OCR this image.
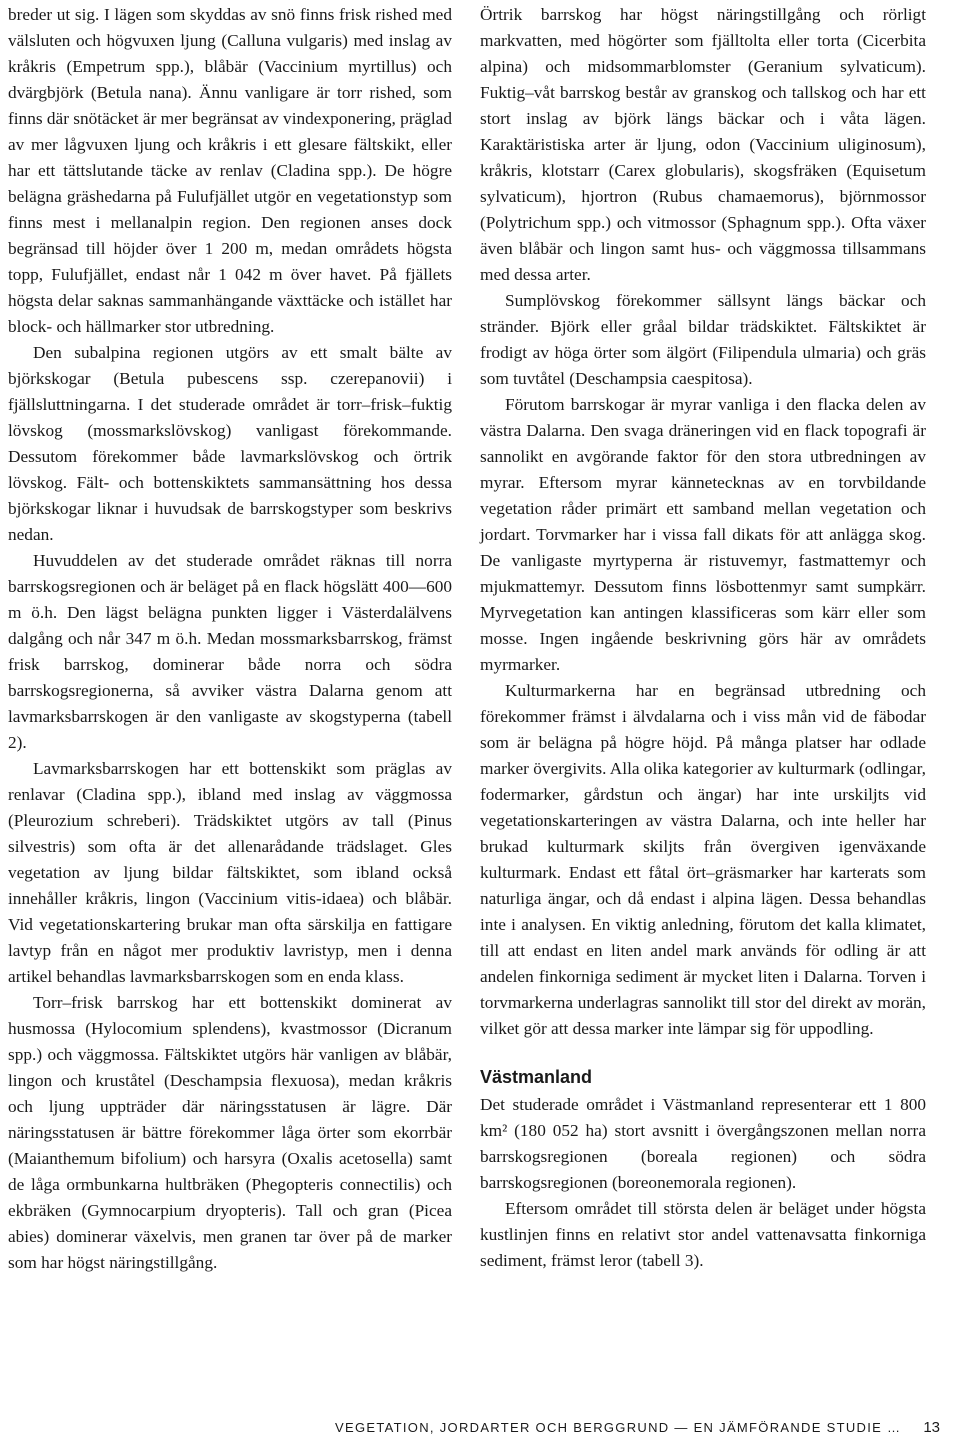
breder ut sig. I lägen som skyddas av snö finns frisk rished med välsluten och högvuxen ljung (Calluna vulgaris) med inslag av kråkris (Empetrum spp.), blåbär (Vaccinium myrtillus) och dvärgbjörk (Betula nana). Ännu vanligare är torr rished, som finns där snötäcket är mer begränsat av vindexponering, präglad av mer lågvuxen ljung och kråkris i ett glesare fältskikt, eller har ett tättslutande täcke av renlav (Cladina spp.). De högre belägna gräshedarna på Fulufjället utgör en vegetationstyp som finns mest i mellanalpin region. Den regionen anses dock begränsad till höjder över 1 200 m, medan områdets högsta topp, Fulufjället, endast når 1 042 m över havet. På fjällets högsta delar saknas sammanhängande växttäcke och istället har block- och hällmarker stor utbredning.

Den subalpina regionen utgörs av ett smalt bälte av björkskogar (Betula pubescens ssp. czerepanovii) i fjällsluttningarna. I det studerade området är torr–frisk–fuktig lövskog (mossmarkslövskog) vanligast förekommande. Dessutom förekommer både lavmarkslövskog och örtrik lövskog. Fält- och bottenskiktets sammansättning hos dessa björkskogar liknar i huvudsak de barrskogstyper som beskrivs nedan.

Huvuddelen av det studerade området räknas till norra barrskogsregionen och är beläget på en flack högslätt 400—600 m ö.h. Den lägst belägna punkten ligger i Västerdalälvens dalgång och når 347 m ö.h. Medan mossmarksbarrskog, främst frisk barrskog, dominerar både norra och södra barrskogsregionerna, så avviker västra Dalarna genom att lavmarksbarrskogen är den vanligaste av skogstyperna (tabell 2).

Lavmarksbarrskogen har ett bottenskikt som präglas av renlavar (Cladina spp.), ibland med inslag av väggmossa (Pleurozium schreberi). Trädskiktet utgörs av tall (Pinus silvestris) som ofta är det allenarådande trädslaget. Gles vegetation av ljung bildar fältskiktet, som ibland också innehåller kråkris, lingon (Vaccinium vitis-idaea) och blåbär. Vid vegetationskartering brukar man ofta särskilja en fattigare lavtyp från en något mer produktiv lavristyp, men i denna artikel behandlas lavmarksbarrskogen som en enda klass.

Torr–frisk barrskog har ett bottenskikt dominerat av husmossa (Hylocomium splendens), kvastmossor (Dicranum spp.) och väggmossa. Fältskiktet utgörs här vanligen av blåbär, lingon och kruståtel (Deschampsia flexuosa), medan kråkris och ljung uppträder där näringsstatusen är lägre. Där näringsstatusen är bättre förekommer låga örter som ekorrbär (Maianthemum bifolium) och harsyra (Oxalis acetosella) samt de låga ormbunkarna hultbräken (Phegopteris connectilis) och ekbräken (Gymnocarpium dryopteris). Tall och gran (Picea abies) dominerar växelvis, men granen tar över på de marker som har högst näringstillgång.

Örtrik barrskog har högst näringstillgång och rörligt markvatten, med högörter som fjälltolta eller torta (Cicerbita alpina) och midsommarblomster (Geranium sylvaticum). Fuktig–våt barrskog består av granskog och tallskog och har ett stort inslag av björk längs bäckar och i våta lägen. Karaktäristiska arter är ljung, odon (Vaccinium uliginosum), kråkris, klotstarr (Carex globularis), skogsfräken (Equisetum sylvaticum), hjortron (Rubus chamaemorus), björnmossor (Polytrichum spp.) och vitmossor (Sphagnum spp.). Ofta växer även blåbär och lingon samt hus- och väggmossa tillsammans med dessa arter.

Sumplövskog förekommer sällsynt längs bäckar och stränder. Björk eller gråal bildar trädskiktet. Fältskiktet är frodigt av höga örter som älgört (Filipendula ulmaria) och gräs som tuvtåtel (Deschampsia caespitosa).

Förutom barrskogar är myrar vanliga i den flacka delen av västra Dalarna. Den svaga dräneringen vid en flack topografi är sannolikt en avgörande faktor för den stora utbredningen av myrar. Eftersom myrar kännetecknas av en torvbildande vegetation råder primärt ett samband mellan vegetation och jordart. Torvmarker har i vissa fall dikats för att anlägga skog. De vanligaste myrtyperna är ristuvemyr, fastmattemyr och mjukmattemyr. Dessutom finns lösbottenmyr samt sumpkärr. Myrvegetation kan antingen klassificeras som kärr eller som mosse. Ingen ingående beskrivning görs här av områdets myrmarker.

Kulturmarkerna har en begränsad utbredning och förekommer främst i älvdalarna och i viss mån vid de fäbodar som är belägna på högre höjd. På många platser har odlade marker övergivits. Alla olika kategorier av kulturmark (odlingar, fodermarker, gårdstun och ängar) har inte urskiljts vid vegetationskarteringen av västra Dalarna, och inte heller har brukad kulturmark skiljts från övergiven igenväxande kulturmark. Endast ett fåtal ört–gräsmarker har karterats som naturliga ängar, och då endast i alpina lägen. Dessa behandlas inte i analysen. En viktig anledning, förutom det kalla klimatet, till att endast en liten andel mark används för odling är att andelen finkorniga sediment är mycket liten i Dalarna. Torven i torvmarkerna underlagras sannolikt till stor del direkt av morän, vilket gör att dessa marker inte lämpar sig för uppodling.

Västmanland

Det studerade området i Västmanland representerar ett 1 800 km² (180 052 ha) stort avsnitt i övergångszonen mellan norra barrskogsregionen (boreala regionen) och södra barrskogsregionen (boreonemorala regionen).

Eftersom området till största delen är beläget under högsta kustlinjen finns en relativt stor andel vattenavsatta finkorniga sediment, främst leror (tabell 3).

VEGETATION, JORDARTER OCH BERGGRUND — EN JÄMFÖRANDE STUDIE … 13
